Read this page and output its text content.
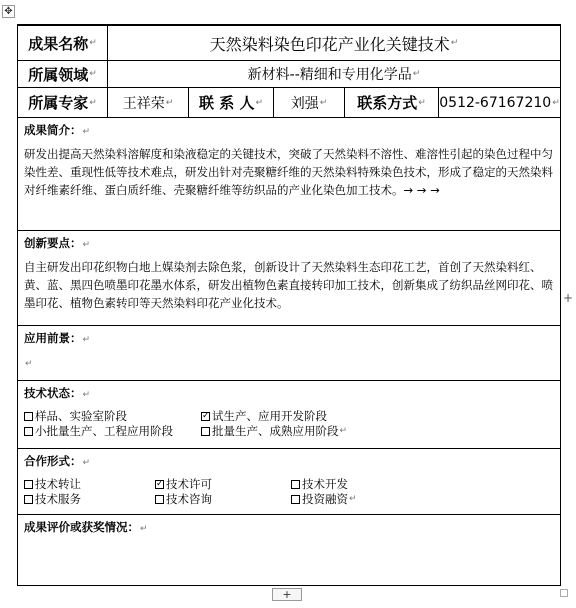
✥
成果名称 ↵	天然染料染色印花产业化关键技术 ↵
所属领域 ↵	新材料--精细和专用化学品 ↵
所属专家 ↵ 王祥荣 ↵ 联 系 人 ↵ 刘强 ↵ 联系方式 ↵ 0512-67167210 ↵
成果简介：↵
研发出提高天然染料溶解度和染液稳定的关键技术，突破了天然染料不溶性、难溶性引起的染色过程中匀染性差、重现性低等技术难点，研发出针对壳聚糖纤维的天然染料特殊染色技术，形成了稳定的天然染料对纤维素纤维、蛋白质纤维、壳聚糖纤维等纺织品的产业化染色加工技术。→ → →
创新要点：↵
自主研发出印花织物白地上媒染剂去除色浆，创新设计了天然染料生态印花工艺，首创了天然染料红、黄、蓝、黑四色喷墨印花墨水体系，研发出植物色素直接转印加工技术，创新集成了纺织品丝网印花、喷墨印花、植物色素转印等天然染料印花产业化技术。
应用前景：↵
↵
技术状态：↵
样品、实验室阶段	✓ 试生产、应用开发阶段
小批量生产、工程应用阶段	批量生产、成熟应用阶段 ↵
合作形式：↵
技术转让	✓ 技术许可	技术开发
技术服务	技术咨询	投资融资 ↵
成果评价或获奖情况：↵
+
+
